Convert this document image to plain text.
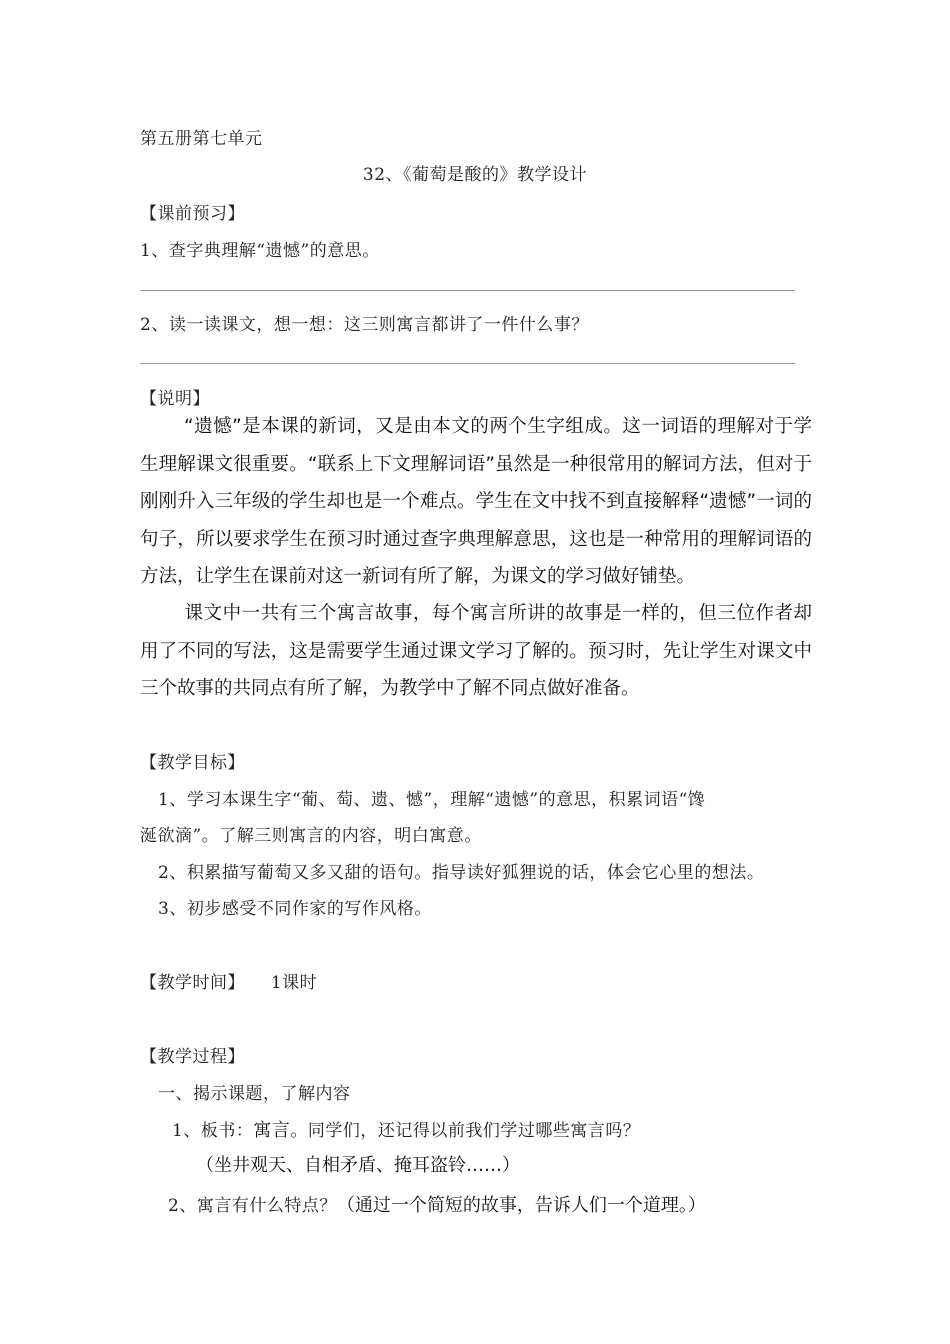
第五册第七单元
32、《葡萄是酸的》教学设计
【课前预习】
1、查字典理解“遗憾”的意思。
2、读一读课文，想一想：这三则寓言都讲了一件什么事？
【说明】
“遗憾”是本课的新词，又是由本文的两个生字组成。这一词语的理解对于学生理解课文很重要。“联系上下文理解词语”虽然是一种很常用的解词方法，但对于刚刚升入三年级的学生却也是一个难点。学生在文中找不到直接解释“遗憾”一词的句子，所以要求学生在预习时通过查字典理解意思，这也是一种常用的理解词语的方法，让学生在课前对这一新词有所了解，为课文的学习做好铺垫。
课文中一共有三个寓言故事，每个寓言所讲的故事是一样的，但三位作者却用了不同的写法，这是需要学生通过课文学习了解的。预习时，先让学生对课文中三个故事的共同点有所了解，为教学中了解不同点做好准备。
【教学目标】
1、学习本课生字“葡、萄、遗、憾”，理解“遗憾”的意思，积累词语“馋
涎欲滴”。了解三则寓言的内容，明白寓意。
2、积累描写葡萄又多又甜的语句。指导读好狐狸说的话，体会它心里的想法。
3、初步感受不同作家的写作风格。
【教学时间】 1课时
【教学过程】
一、揭示课题，了解内容
1、板书：寓言。同学们，还记得以前我们学过哪些寓言吗？
（坐井观天、自相矛盾、掩耳盗铃……）
2、寓言有什么特点？（通过一个简短的故事，告诉人们一个道理。）
